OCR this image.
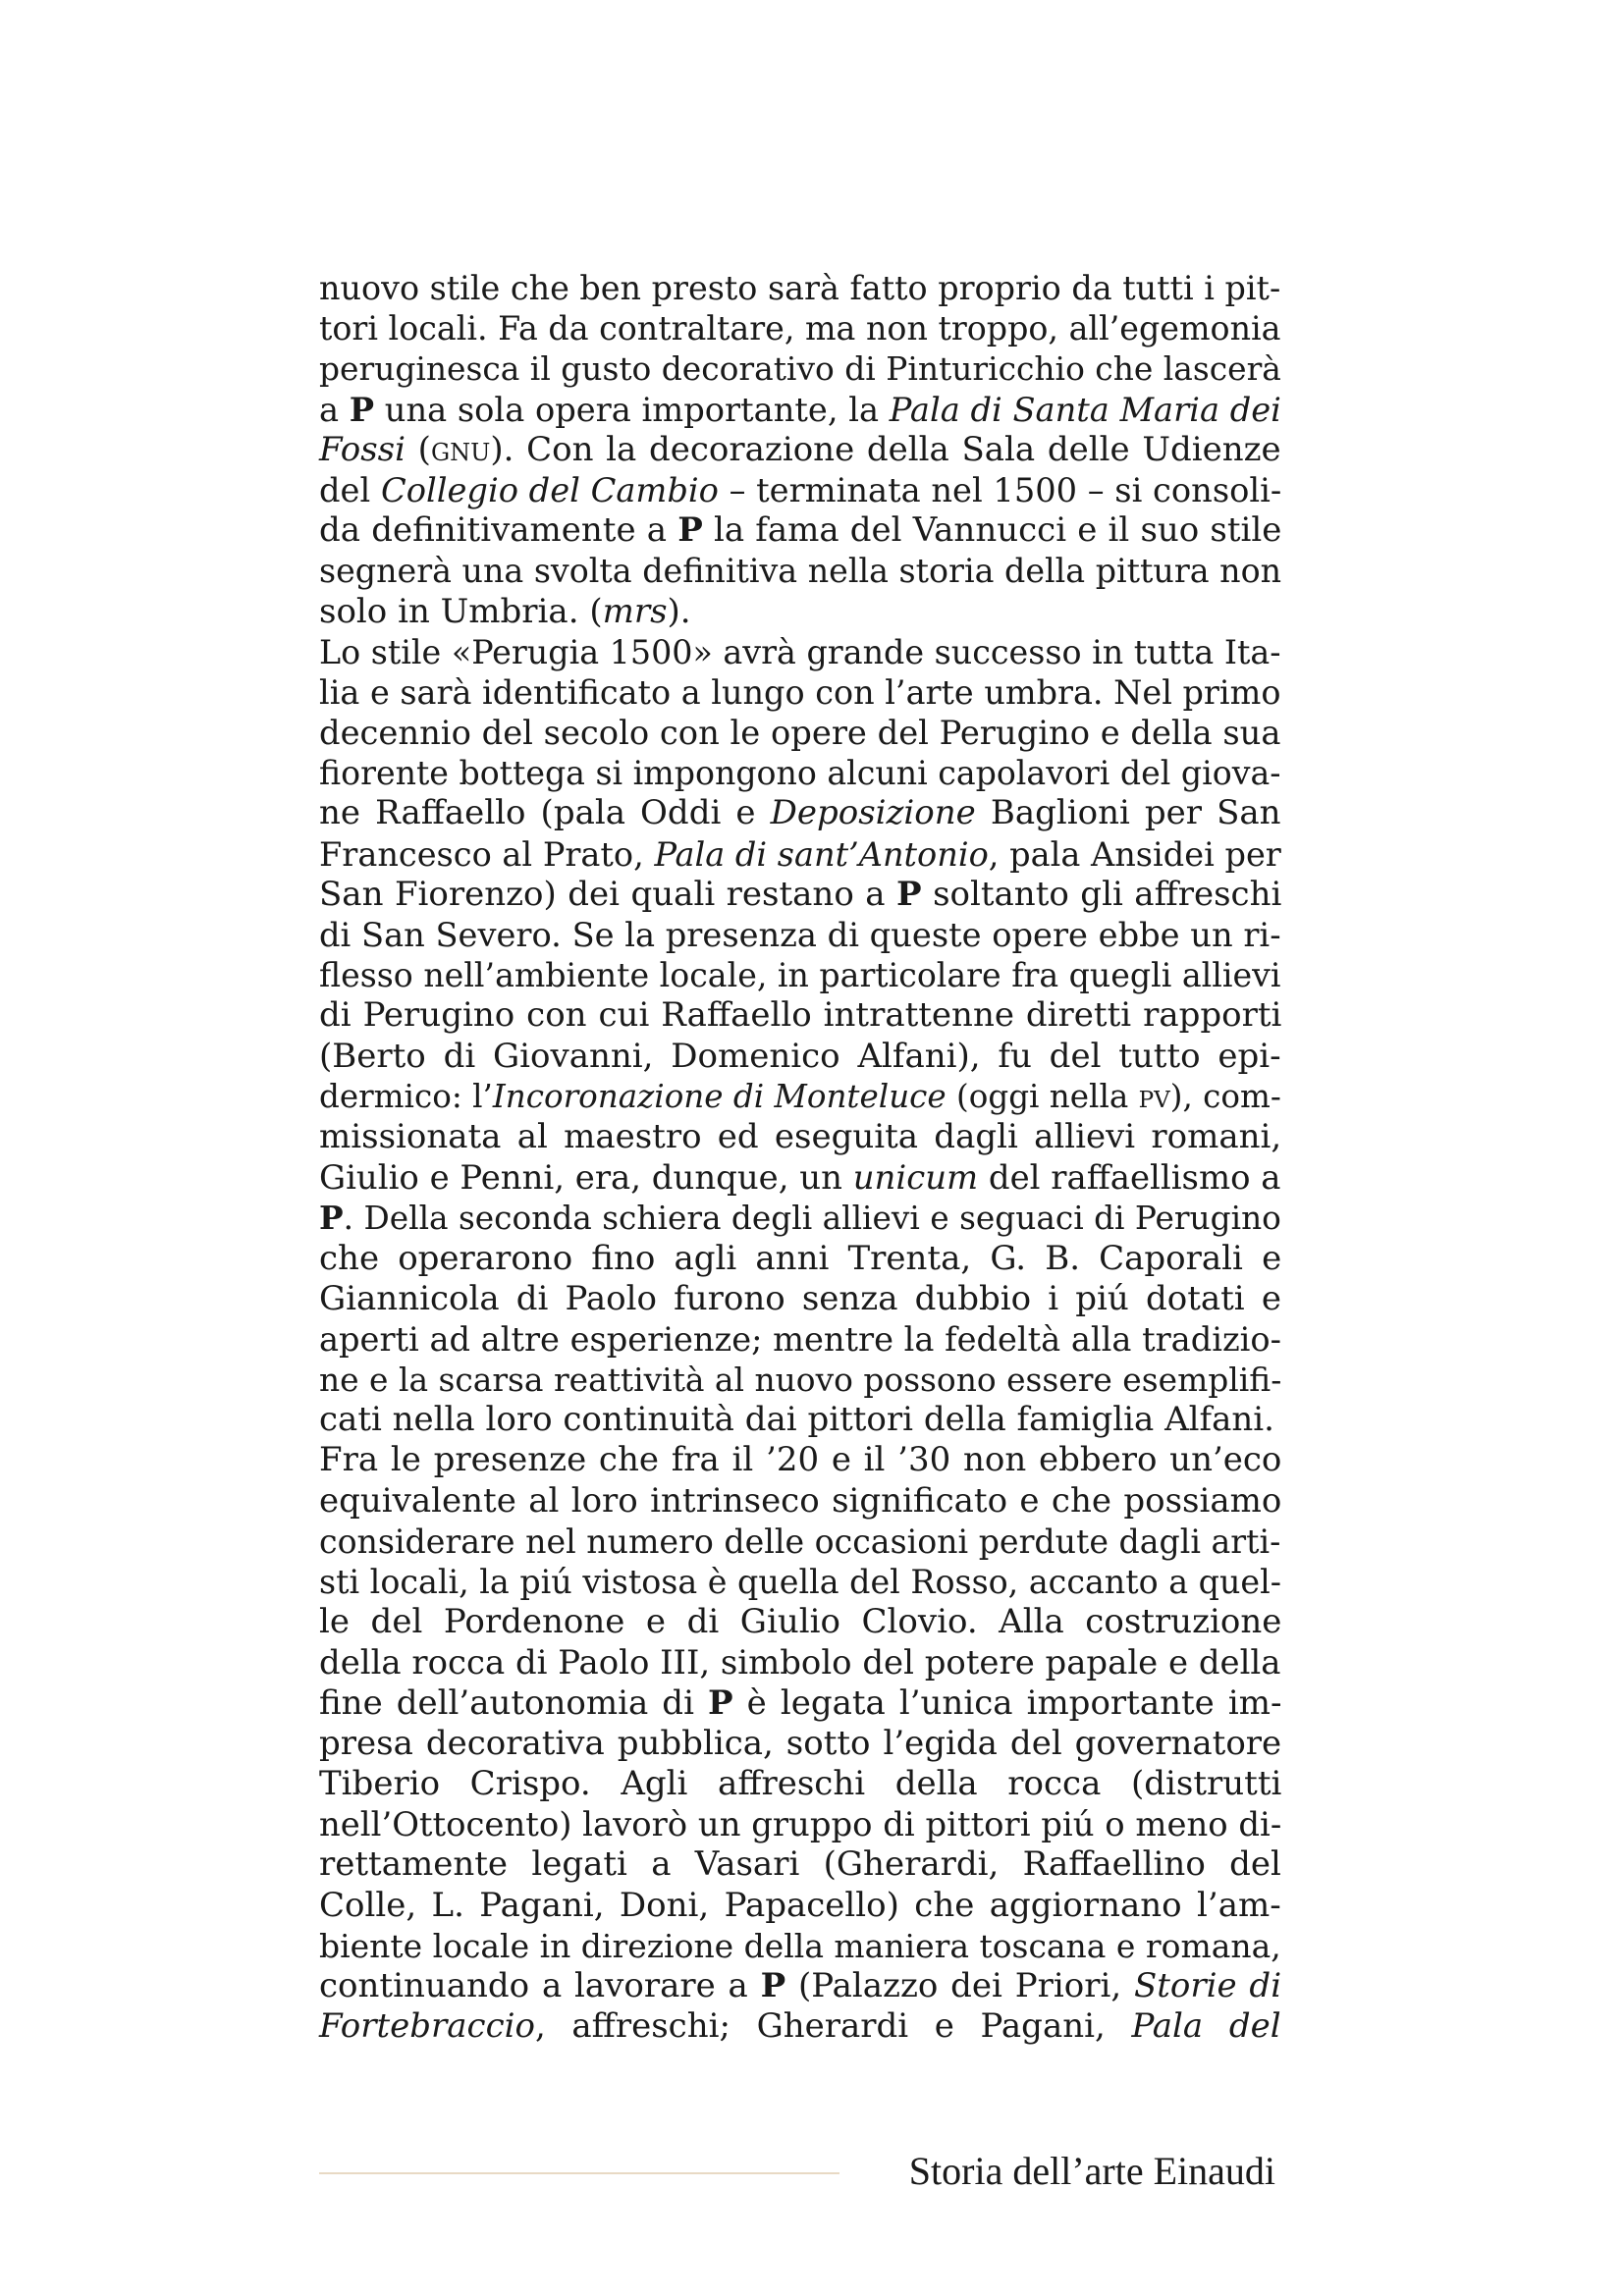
nuovo stile che ben presto sarà fatto proprio da tutti i pit-
tori locali. Fa da contraltare, ma non troppo, all’egemonia
peruginesca il gusto decorativo di Pinturicchio che lascerà
a P una sola opera importante, la Pala di Santa Maria dei
Fossi (gnu). Con la decorazione della Sala delle Udienze
del Collegio del Cambio – terminata nel 1500 – si consoli-
da definitivamente a P la fama del Vannucci e il suo stile
segnerà una svolta definitiva nella storia della pittura non
solo in Umbria. (mrs).
Lo stile «Perugia 1500» avrà grande successo in tutta Ita-
lia e sarà identificato a lungo con l’arte umbra. Nel primo
decennio del secolo con le opere del Perugino e della sua
fiorente bottega si impongono alcuni capolavori del giova-
ne Raffaello (pala Oddi e Deposizione Baglioni per San
Francesco al Prato, Pala di sant’Antonio, pala Ansidei per
San Fiorenzo) dei quali restano a P soltanto gli affreschi
di San Severo. Se la presenza di queste opere ebbe un ri-
flesso nell’ambiente locale, in particolare fra quegli allievi
di Perugino con cui Raffaello intrattenne diretti rapporti
(Berto di Giovanni, Domenico Alfani), fu del tutto epi-
dermico: l’Incoronazione di Monteluce (oggi nella pv), com-
missionata al maestro ed eseguita dagli allievi romani,
Giulio e Penni, era, dunque, un unicum del raffaellismo a
P. Della seconda schiera degli allievi e seguaci di Perugino
che operarono fino agli anni Trenta, G. B. Caporali e
Giannicola di Paolo furono senza dubbio i piú dotati e
aperti ad altre esperienze; mentre la fedeltà alla tradizio-
ne e la scarsa reattività al nuovo possono essere esemplifi-
cati nella loro continuità dai pittori della famiglia Alfani.
Fra le presenze che fra il ’20 e il ’30 non ebbero un’eco
equivalente al loro intrinseco significato e che possiamo
considerare nel numero delle occasioni perdute dagli arti-
sti locali, la piú vistosa è quella del Rosso, accanto a quel-
le del Pordenone e di Giulio Clovio. Alla costruzione
della rocca di Paolo III, simbolo del potere papale e della
fine dell’autonomia di P è legata l’unica importante im-
presa decorativa pubblica, sotto l’egida del governatore
Tiberio Crispo. Agli affreschi della rocca (distrutti
nell’Ottocento) lavorò un gruppo di pittori piú o meno di-
rettamente legati a Vasari (Gherardi, Raffaellino del
Colle, L. Pagani, Doni, Papacello) che aggiornano l’am-
biente locale in direzione della maniera toscana e romana,
continuando a lavorare a P (Palazzo dei Priori, Storie di
Fortebraccio, affreschi; Gherardi e Pagani, Pala del
Storia dell’arte Einaudi
